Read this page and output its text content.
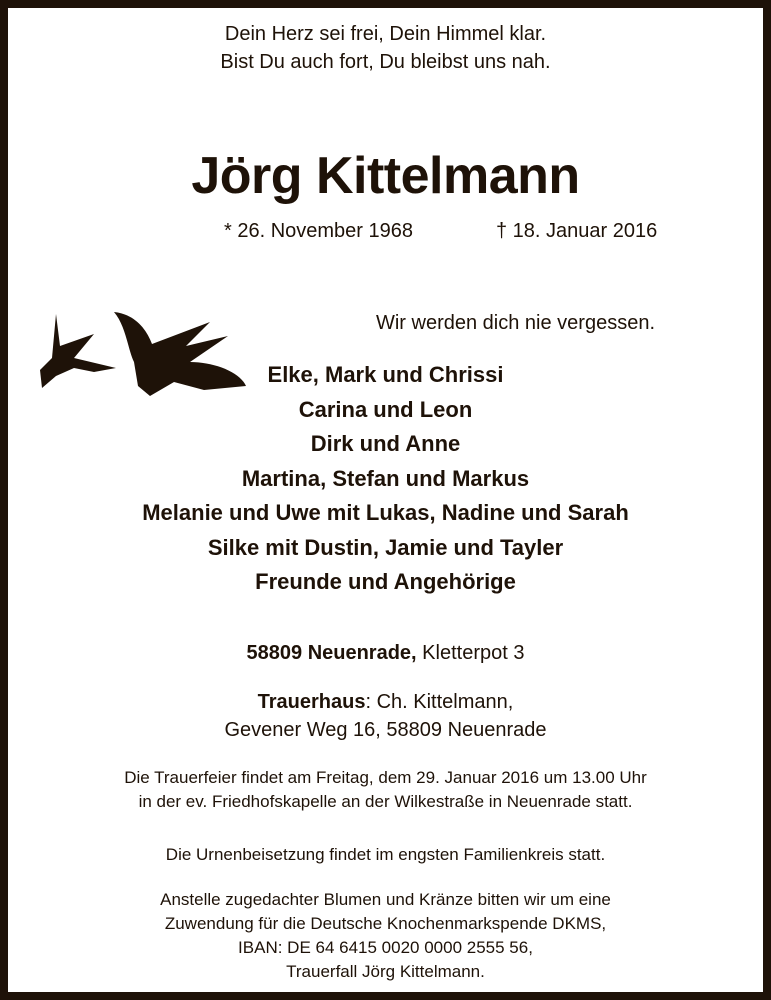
Dein Herz sei frei, Dein Himmel klar.
Bist Du auch fort, Du bleibst uns nah.
Jörg Kittelmann
* 26. November 1968	† 18. Januar 2016
Wir werden dich nie vergessen.
Elke, Mark und Chrissi
Carina und Leon
Dirk und Anne
Martina, Stefan und Markus
Melanie und Uwe mit Lukas, Nadine und Sarah
Silke mit Dustin, Jamie und Tayler
Freunde und Angehörige
58809 Neuenrade, Kletterpot 3
Trauerhaus: Ch. Kittelmann,
Gevener Weg 16, 58809 Neuenrade
Die Trauerfeier findet am Freitag, dem 29. Januar 2016 um 13.00 Uhr
in der ev. Friedhofskapelle an der Wilkestraße in Neuenrade statt.
Die Urnenbeisetzung findet im engsten Familienkreis statt.
Anstelle zugedachter Blumen und Kränze bitten wir um eine
Zuwendung für die Deutsche Knochenmarkspende DKMS,
IBAN: DE 64 6415 0020 0000 2555 56,
Trauerfall Jörg Kittelmann.
